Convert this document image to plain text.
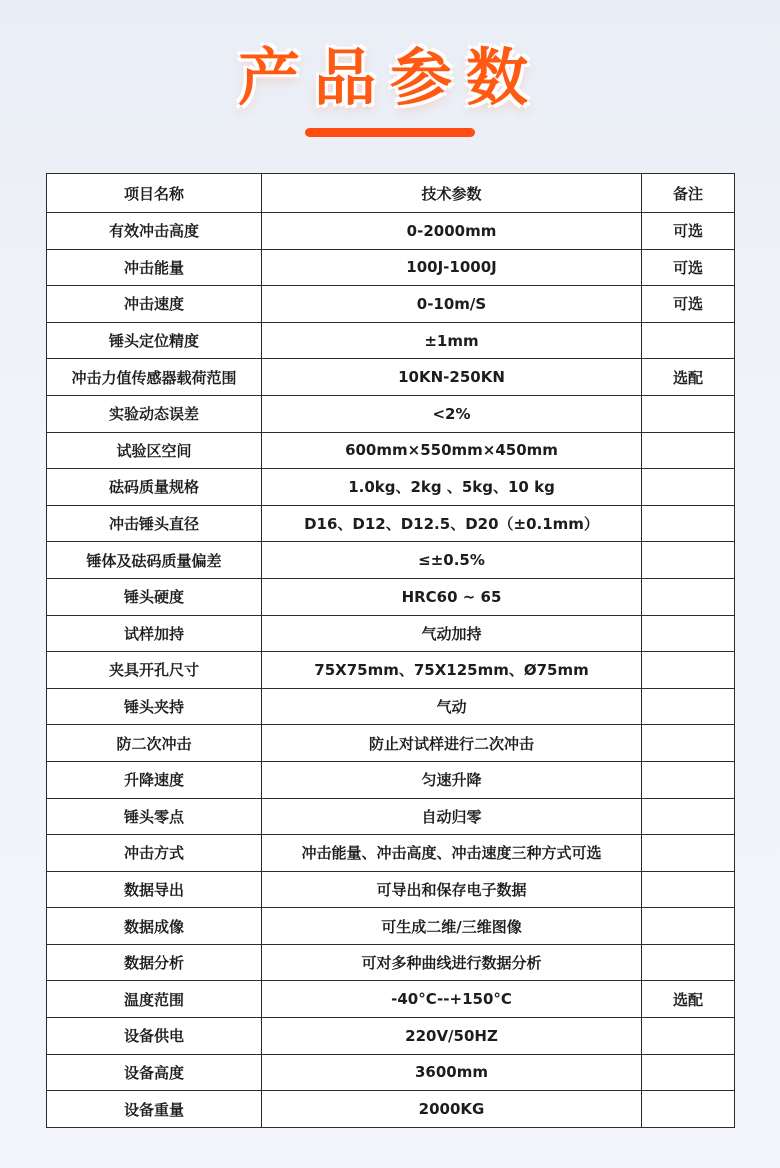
产品参数
项目名称	技术参数	备注
有效冲击高度	0-2000mm	可选
冲击能量	100J-1000J	可选
冲击速度	0-10m/S	可选
锤头定位精度	±1mm	
冲击力值传感器载荷范围	10KN-250KN	选配
实验动态误差	<2%	
试验区空间	600mm×550mm×450mm	
砝码质量规格	1.0kg、2kg 、5kg、10 kg	
冲击锤头直径	D16、D12、D12.5、D20（±0.1mm）	
锤体及砝码质量偏差	≤±0.5%	
锤头硬度	HRC60 ~ 65	
试样加持	气动加持	
夹具开孔尺寸	75X75mm、75X125mm、Ø75mm	
锤头夹持	气动	
防二次冲击	防止对试样进行二次冲击	
升降速度	匀速升降	
锤头零点	自动归零	
冲击方式	冲击能量、冲击高度、冲击速度三种方式可选	
数据导出	可导出和保存电子数据	
数据成像	可生成二维/三维图像	
数据分析	可对多种曲线进行数据分析	
温度范围	-40°C--+150°C	选配
设备供电	220V/50HZ	
设备高度	3600mm	
设备重量	2000KG	
